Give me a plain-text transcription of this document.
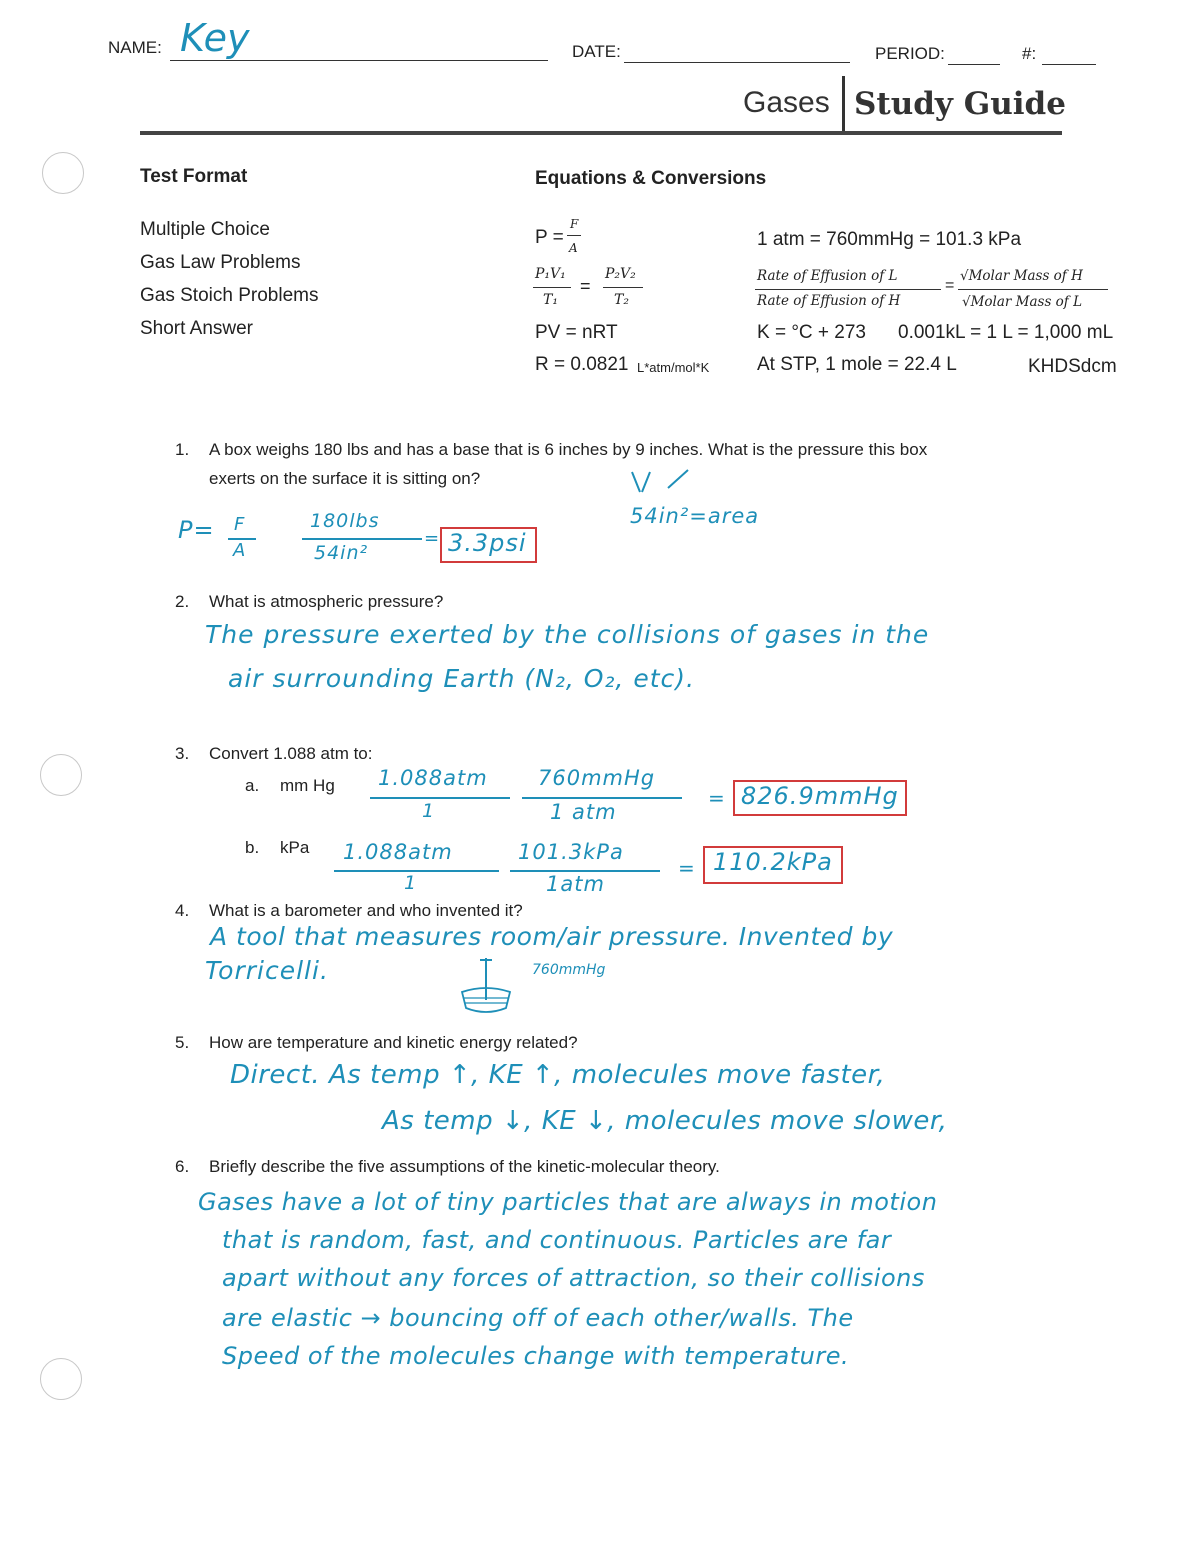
NAME: Key	DATE:	PERIOD:	#:
Gases Study Guide
Test Format
Multiple Choice
Gas Law Problems
Gas Stoich Problems
Short Answer
Equations & Conversions
P =
F
A
P₁V₁
T₁
=
P₂V₂
T₂
PV = nRT
R = 0.0821 L*atm/mol*K
1 atm = 760mmHg = 101.3 kPa
Rate of Effusion of L
Rate of Effusion of H
=
√Molar Mass of H
√Molar Mass of L
K = °C + 273 0.001kL = 1 L = 1,000 mL
At STP, 1 mole = 22.4 L	KHDSdcm
1. A box weighs 180 lbs and has a base that is 6 inches by 9 inches. What is the pressure this box
exerts on the surface it is sitting on?
P= F
A
180lbs
54in²
= 3.3psi
54in²=area
2. What is atmospheric pressure?
The pressure exerted by the collisions of gases in the
air surrounding Earth (N₂, O₂, etc).
3. Convert 1.088 atm to:
a. mm Hg 1.088atm
1
760mmHg
1 atm
= 826.9mmHg
b. kPa 1.088atm
1
101.3kPa
1atm
= 110.2kPa
4. What is a barometer and who invented it?
A tool that measures room/air pressure. Invented by
Torricelli.	760mmHg
5. How are temperature and kinetic energy related?
Direct. As temp ↑, KE ↑, molecules move faster,
As temp ↓, KE ↓, molecules move slower,
6. Briefly describe the five assumptions of the kinetic-molecular theory.
Gases have a lot of tiny particles that are always in motion
that is random, fast, and continuous. Particles are far
apart without any forces of attraction, so their collisions
are elastic → bouncing off of each other/walls. The
Speed of the molecules change with temperature.
